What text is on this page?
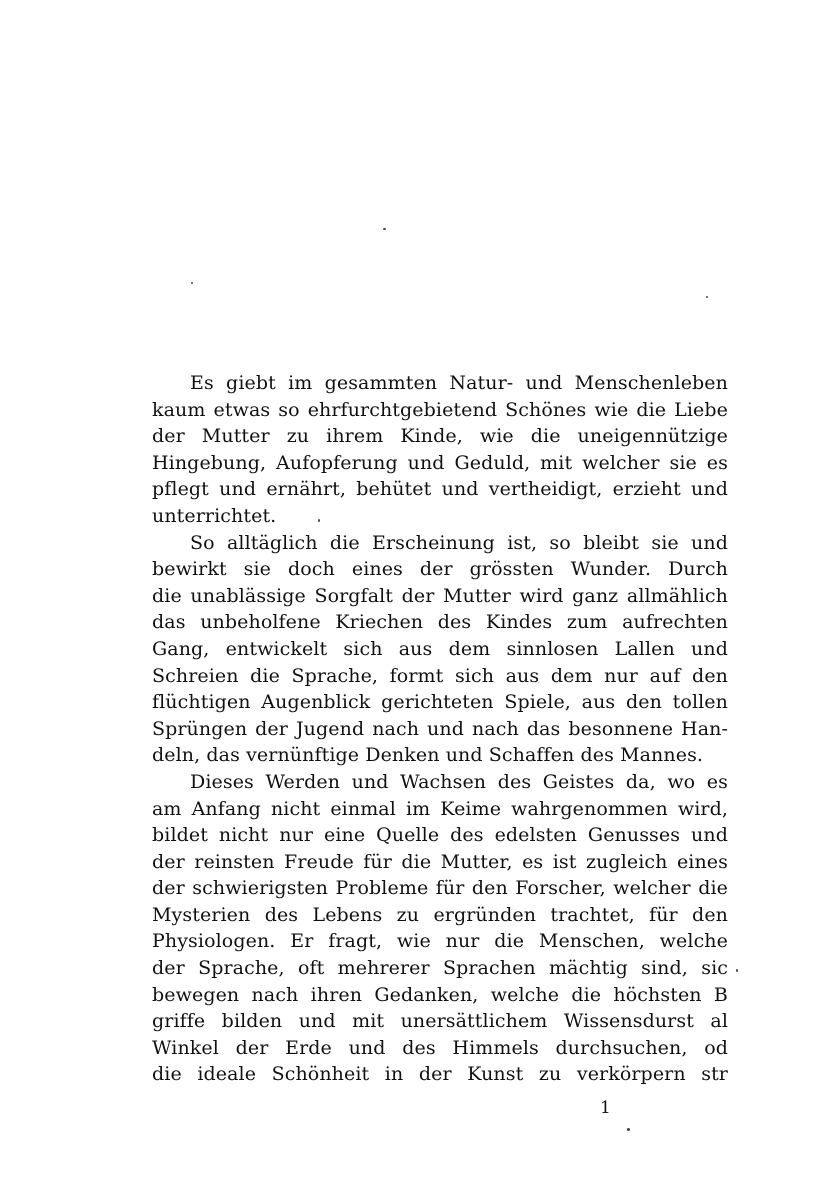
Es giebt im gesammten Natur- und Menschenleben
kaum etwas so ehrfurchtgebietend Schönes wie die Liebe
der Mutter zu ihrem Kinde, wie die uneigennützige
Hingebung, Aufopferung und Geduld, mit welcher sie es
pflegt und ernährt, behütet und vertheidigt, erzieht und
unterrichtet.
So alltäglich die Erscheinung ist, so bleibt sie und
bewirkt sie doch eines der grössten Wunder. Durch
die unablässige Sorgfalt der Mutter wird ganz allmählich
das unbeholfene Kriechen des Kindes zum aufrechten
Gang, entwickelt sich aus dem sinnlosen Lallen und
Schreien die Sprache, formt sich aus dem nur auf den
flüchtigen Augenblick gerichteten Spiele, aus den tollen
Sprüngen der Jugend nach und nach das besonnene Han-
deln, das vernünftige Denken und Schaffen des Mannes.
Dieses Werden und Wachsen des Geistes da, wo es
am Anfang nicht einmal im Keime wahrgenommen wird,
bildet nicht nur eine Quelle des edelsten Genusses und
der reinsten Freude für die Mutter, es ist zugleich eines
der schwierigsten Probleme für den Forscher, welcher die
Mysterien des Lebens zu ergründen trachtet, für den
Physiologen. Er fragt, wie nur die Menschen, welche
der Sprache, oft mehrerer Sprachen mächtig sind, sic
bewegen nach ihren Gedanken, welche die höchsten B
griffe bilden und mit unersättlichem Wissensdurst al
Winkel der Erde und des Himmels durchsuchen, od
die ideale Schönheit in der Kunst zu verkörpern str
1
